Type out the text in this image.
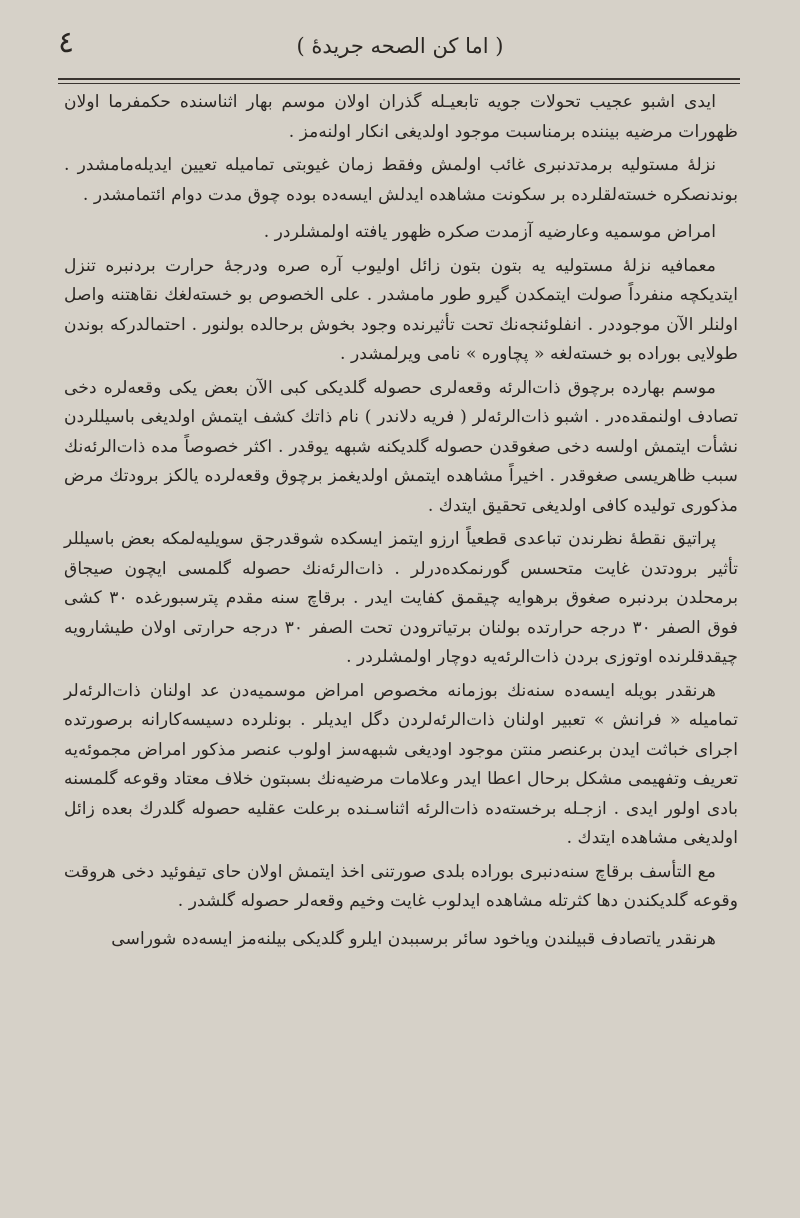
٤	( اما كن الصحه جريدهٔ )

ايدى اشبو عجيب تحولات جويه تابعيـله گذران اولان موسم بهار اثناسنده حكمفرما اولان ظهورات مرضيه بيننده برمناسبت موجود اولديغى انكار اولنه‌مز .

نزله‌ٔ مستوليه برمدتدنبرى غائب اولمش وفقط زمان غيوبتى تماميله تعيين ايديله‌مامشدر . بوندنصكره خسته‌لقلرده بر سكونت مشاهده ايدلش ايسه‌ده بوده چوق مدت دوام ائتمامشدر .

امراض موسميه وعارضيه آزمدت صكره ظهور يافته اولمشلردر .

معمافيه نزله‌ٔ مستوليه يه بتون بتون زائل اوليوب آره صره ودرجهٔ حرارت بردنبره تنزل ايتديكچه منفرداً صولت ايتمكدن گيرو طور مامشدر . على الخصوص بو خسته‌لغك نقاهتنه واصل اولنلر الآن موجوددر . انفلوئنجه‌نك تحت تأثيرنده وجود بخوش برحالده بولنور . احتمالدركه بوندن طولايى بوراده بو خسته‌لغه « پچاوره » نامى ويرلمشدر .

موسم بهارده برچوق ذات‌الرئه وقعه‌لرى حصوله گلديكى كبى الآن بعض يكى وقعه‌لره دخى تصادف اولنمقده‌در . اشبو ذات‌الرئه‌لر ( فريه دلاندر ) نام ذاتك كشف ايتمش اولديغى باسيللردن نشأت ايتمش اولسه دخى صغوقدن حصوله گلديكنه شبهه يوقدر . اكثر خصوصاً مده ذات‌الرئه‌نك سبب ظاهريسى صغوقدر . اخيراً مشاهده ايتمش اولديغمز برچوق وقعه‌لرده يالكز برودتك مرض مذكورى توليده كافى اولديغى تحقيق ايتدك .

پراتيق نقطهٔ نظرندن تباعدى قطعياً ارزو ايتمز ايسكده شوقدرجق سويليه‌لمكه بعض باسيللر تأثير برودتدن غايت متحسس گورنمكده‌درلر . ذات‌الرئه‌نك حصوله گلمسى ايچون صيجاق برمحلدن بردنبره صغوق برهوايه چيقمق كفايت ايدر . برقاچ سنه مقدم پترسبورغده ٣٠ كشى فوق الصفر ٣٠ درجه حرارتده بولنان برتياترودن تحت الصفر ٣٠ درجه حرارتى اولان طيشارويه چيقدقلرنده اوتوزى بردن ذات‌الرئه‌يه دوچار اولمشلردر .

هرنقدر بويله ايسه‌ده سنه‌نك بوزمانه مخصوص امراض موسميه‌دن عد اولنان ذات‌الرئه‌لر تماميله « فرانش » تعبير اولنان ذات‌الرئه‌لردن دگل ايديلر . بونلرده دسيسه‌كارانه برصورتده اجراى خباثت ايدن برعنصر منتن موجود اوديغى شبهه‌سز اولوب عنصر مذكور امراض مجموئه‌يه تعريف وتفهيمى مشكل برحال اعطا ايدر وعلامات مرضيه‌نك بسبتون خلاف معتاد وقوعه گلمسنه بادى اولور ايدى . ازجـله برخسته‌ده ذات‌الرئه اثناسـنده برعلت عقليه حصوله گلدرك بعده زائل اولديغى مشاهده ايتدك .

مع التأسف برقاچ سنه‌دنبرى بوراده بلدى صورتنى اخذ ايتمش اولان حاى تيفوئيد دخى هروقت وقوعه گلديكندن دها كثرتله مشاهده ايدلوب غايت وخيم وقعه‌لر حصوله گلشدر .

هرنقدر ياتصادف قبيلندن وياخود سائر برسببدن ايلرو گلديكى بيلنه‌مز ايسه‌ده شوراسى
